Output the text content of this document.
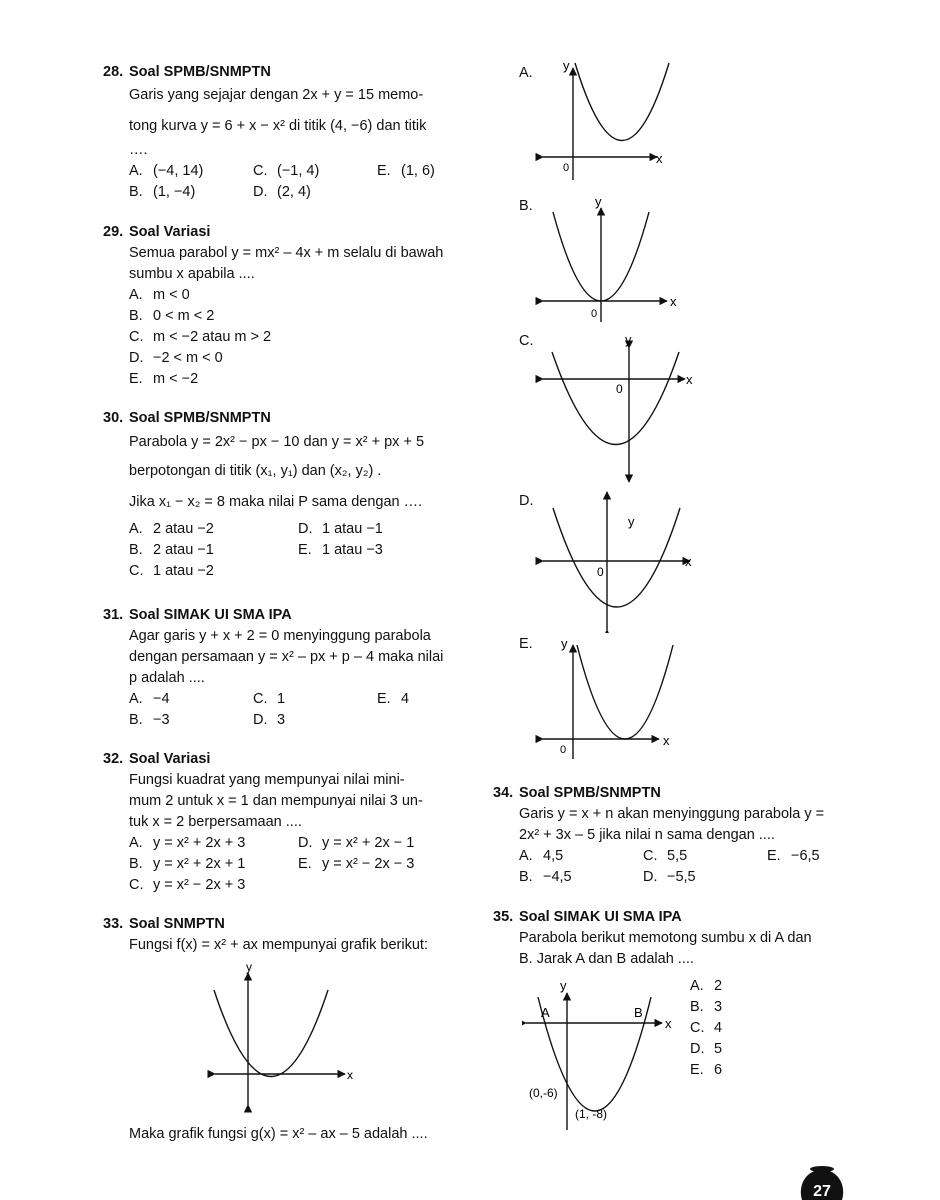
28. Soal SPMB/SNMPTN
Garis yang sejajar dengan 2x + y = 15 memo-
tong kurva y = 6 + x − x² di titik (4, −6) dan titik
….
A. (−4, 14)	C. (−1, 4)	E. (1, 6)
B. (1, −4)	D. (2, 4)
29. Soal Variasi
Semua parabol y = mx² – 4x + m selalu di bawah
sumbu x apabila ....
A. m < 0
B. 0 < m < 2
C. m < −2 atau m > 2
D. −2 < m < 0
E. m < −2
30. Soal SPMB/SNMPTN
Parabola y = 2x² − px − 10 dan y = x² + px + 5
berpotongan di titik (x₁, y₁) dan (x₂, y₂) .
Jika x₁ − x₂ = 8 maka nilai P sama dengan ….
A. 2 atau −2	D. 1 atau −1
B. 2 atau −1	E. 1 atau −3
C. 1 atau −2
31. Soal SIMAK UI SMA IPA
Agar garis y + x + 2 = 0 menyinggung parabola
dengan persamaan y = x² – px + p – 4 maka nilai
p adalah ....
A. −4	C. 1	E. 4
B. −3	D. 3
32. Soal Variasi
Fungsi kuadrat yang mempunyai nilai mini-
mum 2 untuk x = 1 dan mempunyai nilai 3 un-
tuk x = 2 berpersamaan ....
A. y = x² + 2x + 3	D. y = x² + 2x − 1
B. y = x² + 2x + 1	E. y = x² − 2x − 3
C. y = x² − 2x + 3
33. Soal SNMPTN
Fungsi f(x) = x² + ax mempunyai grafik berikut:
y
x
Maka grafik fungsi g(x) = x² – ax – 5 adalah ....
A. y
x
0
B.	y
x
0
C.	y
x
0
D.
y
x
0
E. y
x
0
34. Soal SPMB/SNMPTN
Garis y = x + n akan menyinggung parabola y =
2x² + 3x – 5 jika nilai n sama dengan ....
A. 4,5	C. 5,5	E. −6,5
B. −4,5	D. −5,5
35. Soal SIMAK UI SMA IPA
Parabola berikut memotong sumbu x di A dan
B. Jarak A dan B adalah ....
y
x
A	B
(0,-6)
(1, -8)
A. 2
B. 3
C. 4
D. 5
E. 6
27
